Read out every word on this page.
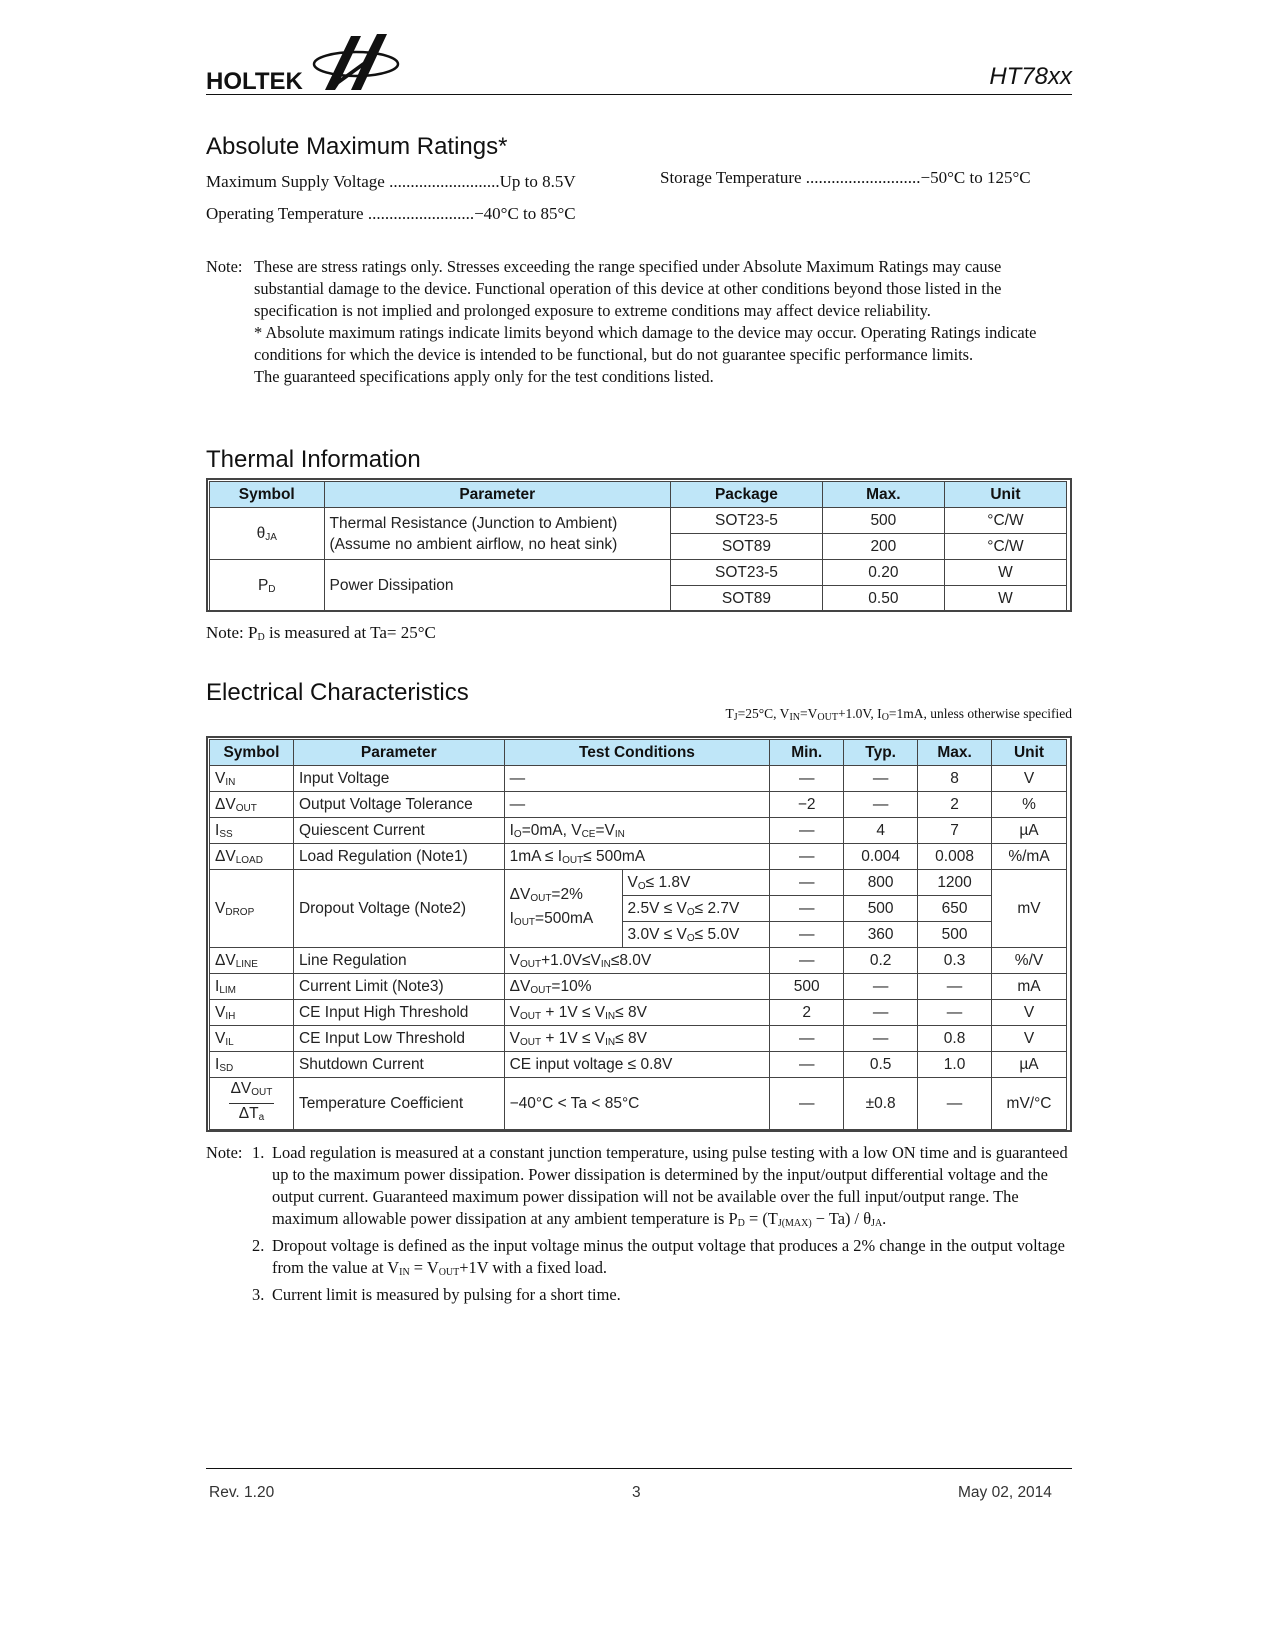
HOLTEK	HT78xx
Absolute Maximum Ratings*
Maximum Supply Voltage ..........................Up to 8.5V
Operating Temperature .........................−40°C to 85°C
Storage Temperature ...........................−50°C to 125°C
Note: These are stress ratings only. Stresses exceeding the range specified under Absolute Maximum Ratings may cause substantial damage to the device. Functional operation of this device at other conditions beyond those listed in the specification is not implied and prolonged exposure to extreme conditions may affect device reliability.
* Absolute maximum ratings indicate limits beyond which damage to the device may occur. Operating Ratings indicate conditions for which the device is intended to be functional, but do not guarantee specific performance limits.
The guaranteed specifications apply only for the test conditions listed.
Thermal Information
Symbol	Parameter	Package	Max.	Unit
$\theta_{JA}$	Thermal Resistance (Junction to Ambient)
(Assume no ambient airflow, no heat sink)	SOT23-5	500	°C/W
		SOT89	200	°C/W
$P_D$	Power Dissipation	SOT23-5	0.20	W
		SOT89	0.50	W
Note: $P_D$ is measured at Ta= 25°C
Electrical Characteristics
$T_J=25^\circ C$, $V_{IN}=V_{OUT}+1.0V$, $I_O=1mA$, unless otherwise specified
Symbol	Parameter	Test Conditions		Min.	Typ.	Max.	Unit
$V_{IN}$	Input Voltage	—		—	—	8	V
$\Delta V_{OUT}$	Output Voltage Tolerance	—		−2	—	2	%
$I_{SS}$	Quiescent Current	$I_O=0mA$, $V_{CE}=V_{IN}$		—	4	7	µA
$\Delta V_{LOAD}$	Load Regulation (Note1)	$1mA \le I_{OUT}\le 500mA$		—	0.004	0.008	%/mA
$V_{DROP}$	Dropout Voltage (Note2)	$\Delta V_{OUT}=2\%$
$I_{OUT}=500mA$	$V_O\le 1.8V$	—	800	1200	mV
			$2.5V \le V_O\le 2.7V$	—	500	650	
			$3.0V \le V_O\le 5.0V$	—	360	500	
$\Delta V_{LINE}$	Line Regulation	$V_{OUT}+1.0V\le V_{IN}\le 8.0V$		—	0.2	0.3	%/V
$I_{LIM}$	Current Limit (Note3)	$\Delta V_{OUT}=10\%$		500	—	—	mA
$V_{IH}$	CE Input High Threshold	$V_{OUT} + 1V \le V_{IN}\le 8V$		2	—	—	V
$V_{IL}$	CE Input Low Threshold	$V_{OUT} + 1V \le V_{IN}\le 8V$		—	—	0.8	V
$I_{SD}$	Shutdown Current	CE input voltage ≤ 0.8V		—	0.5	1.0	µA

$\Delta V_{OUT}$
$\Delta T_a$	Temperature Coefficient	−40°C < Ta < 85°C		—	±0.8	—	mV/°C
Note: 1. Load regulation is measured at a constant junction temperature, using pulse testing with a low ON time and is guaranteed up to the maximum power dissipation. Power dissipation is determined by the input/output differential voltage and the output current. Guaranteed maximum power dissipation will not be available over the full input/output range. The maximum allowable power dissipation at any ambient temperature is $P_D = (T_{J(MAX)} - Ta) / \theta_{JA}$.
2. Dropout voltage is defined as the input voltage minus the output voltage that produces a 2% change in the output voltage from the value at $V_{IN} = V_{OUT}+1V$ with a fixed load.
3. Current limit is measured by pulsing for a short time.
Rev. 1.20	3	May 02, 2014
